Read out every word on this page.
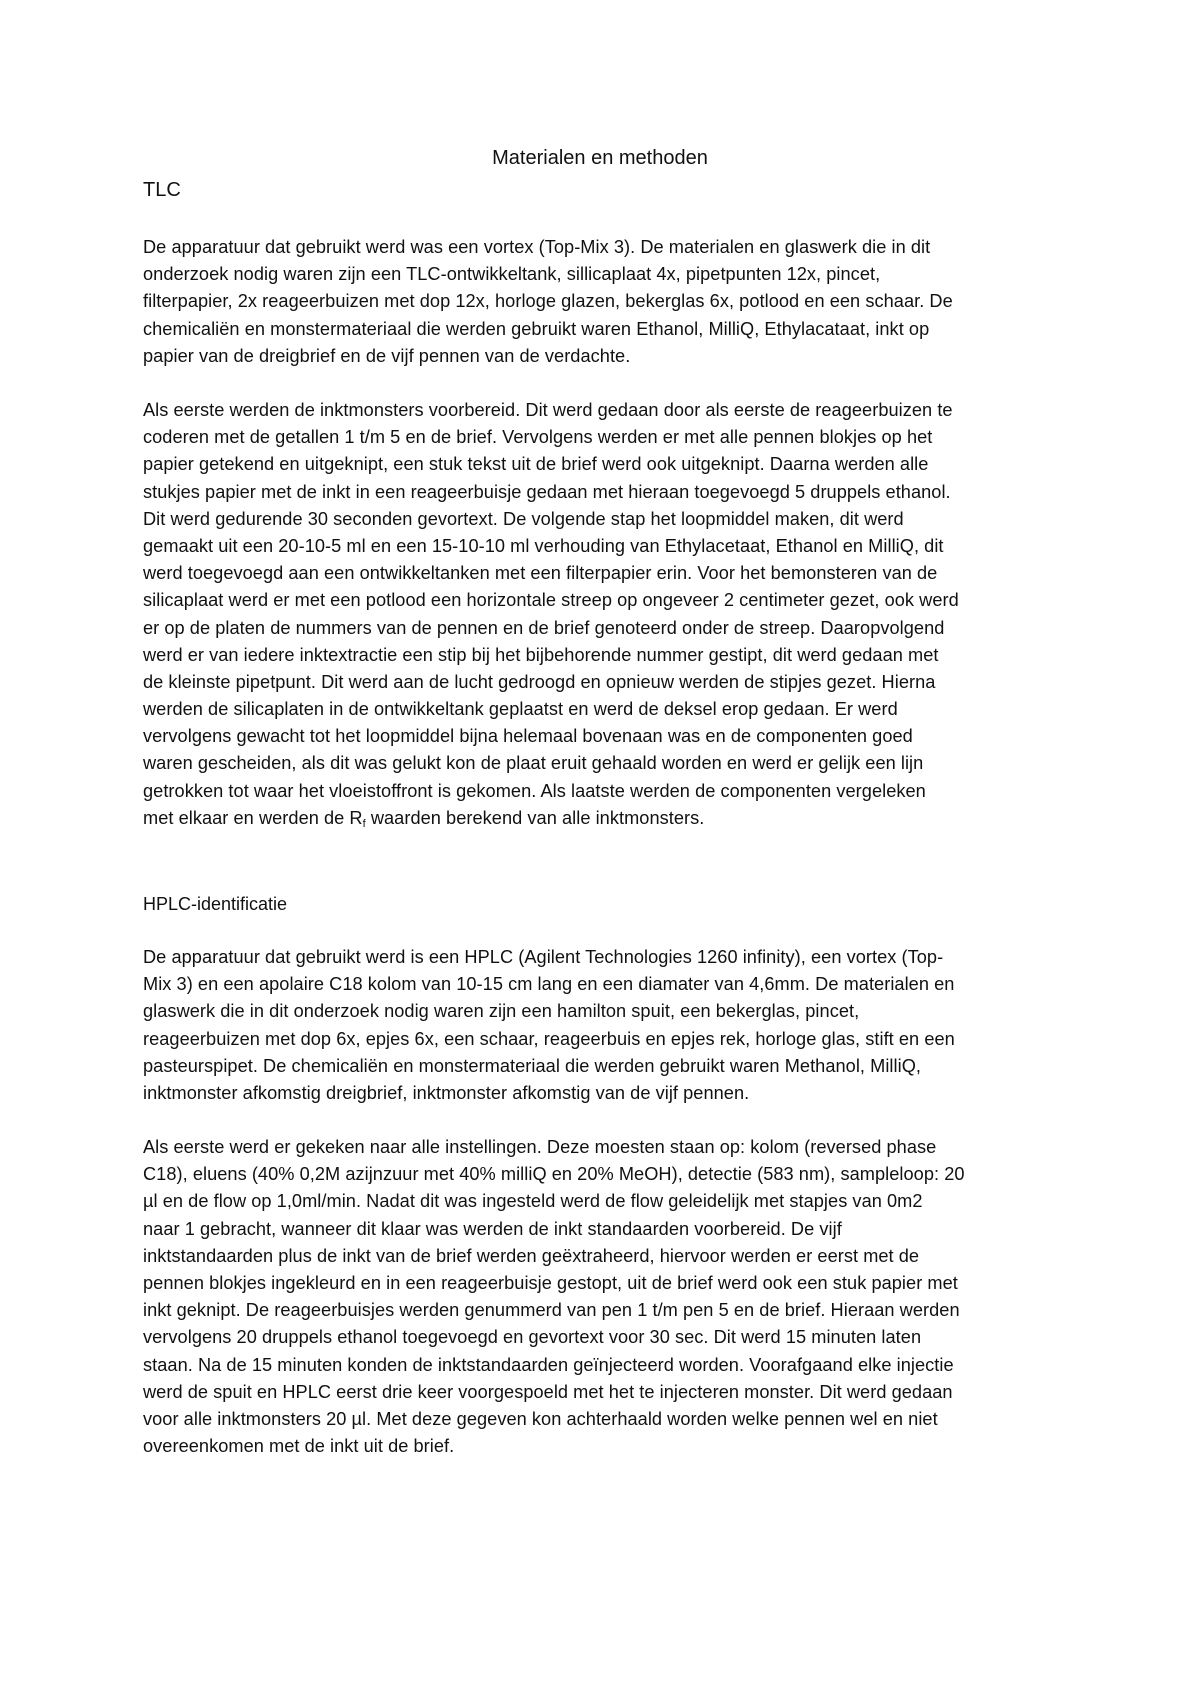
Materialen en methoden
TLC
De apparatuur dat gebruikt werd was een vortex (Top-Mix 3). De materialen en glaswerk die in dit
onderzoek nodig waren zijn een TLC-ontwikkeltank, sillicaplaat 4x, pipetpunten 12x, pincet,
filterpapier, 2x reageerbuizen met dop 12x, horloge glazen, bekerglas 6x, potlood en een schaar. De
chemicaliën en monstermateriaal die werden gebruikt waren Ethanol, MilliQ, Ethylacataat, inkt op
papier van de dreigbrief en de vijf pennen van de verdachte.
Als eerste werden de inktmonsters voorbereid. Dit werd gedaan door als eerste de reageerbuizen te
coderen met de getallen 1 t/m 5 en de brief. Vervolgens werden er met alle pennen blokjes op het
papier getekend en uitgeknipt, een stuk tekst uit de brief werd ook uitgeknipt. Daarna werden alle
stukjes papier met de inkt in een reageerbuisje gedaan met hieraan toegevoegd 5 druppels ethanol.
Dit werd gedurende 30 seconden gevortext. De volgende stap het loopmiddel maken, dit werd
gemaakt uit een 20-10-5 ml en een 15-10-10 ml verhouding van Ethylacetaat, Ethanol en MilliQ, dit
werd toegevoegd aan een ontwikkeltanken met een filterpapier erin. Voor het bemonsteren van de
silicaplaat werd er met een potlood een horizontale streep op ongeveer 2 centimeter gezet, ook werd
er op de platen de nummers van de pennen en de brief genoteerd onder de streep. Daaropvolgend
werd er van iedere inktextractie een stip bij het bijbehorende nummer gestipt, dit werd gedaan met
de kleinste pipetpunt. Dit werd aan de lucht gedroogd en opnieuw werden de stipjes gezet. Hierna
werden de silicaplaten in de ontwikkeltank geplaatst en werd de deksel erop gedaan. Er werd
vervolgens gewacht tot het loopmiddel bijna helemaal bovenaan was en de componenten goed
waren gescheiden, als dit was gelukt kon de plaat eruit gehaald worden en werd er gelijk een lijn
getrokken tot waar het vloeistoffront is gekomen. Als laatste werden de componenten vergeleken
met elkaar en werden de $R_f$ waarden berekend van alle inktmonsters.
HPLC-identificatie
De apparatuur dat gebruikt werd is een HPLC (Agilent Technologies 1260 infinity), een vortex (Top-
Mix 3) en een apolaire C18 kolom van 10-15 cm lang en een diamater van 4,6mm. De materialen en
glaswerk die in dit onderzoek nodig waren zijn een hamilton spuit, een bekerglas, pincet,
reageerbuizen met dop 6x, epjes 6x, een schaar, reageerbuis en epjes rek, horloge glas, stift en een
pasteurspipet. De chemicaliën en monstermateriaal die werden gebruikt waren Methanol, MilliQ,
inktmonster afkomstig dreigbrief, inktmonster afkomstig van de vijf pennen.
Als eerste werd er gekeken naar alle instellingen. Deze moesten staan op: kolom (reversed phase
C18), eluens (40% 0,2M azijnzuur met 40% milliQ en 20% MeOH), detectie (583 nm), sampleloop: 20
µl en de flow op 1,0ml/min. Nadat dit was ingesteld werd de flow geleidelijk met stapjes van 0m2
naar 1 gebracht, wanneer dit klaar was werden de inkt standaarden voorbereid. De vijf
inktstandaarden plus de inkt van de brief werden geëxtraheerd, hiervoor werden er eerst met de
pennen blokjes ingekleurd en in een reageerbuisje gestopt, uit de brief werd ook een stuk papier met
inkt geknipt. De reageerbuisjes werden genummerd van pen 1 t/m pen 5 en de brief. Hieraan werden
vervolgens 20 druppels ethanol toegevoegd en gevortext voor 30 sec. Dit werd 15 minuten laten
staan. Na de 15 minuten konden de inktstandaarden geïnjecteerd worden. Voorafgaand elke injectie
werd de spuit en HPLC eerst drie keer voorgespoeld met het te injecteren monster. Dit werd gedaan
voor alle inktmonsters 20 µl. Met deze gegeven kon achterhaald worden welke pennen wel en niet
overeenkomen met de inkt uit de brief.
